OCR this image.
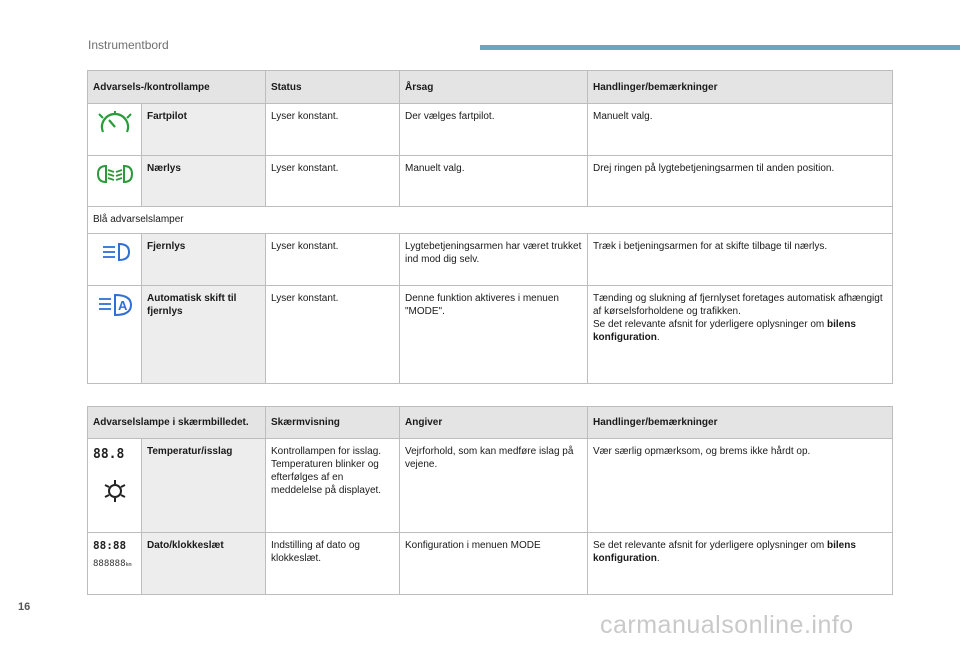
Instrumentbord
Advarsels-/kontrollampe		Status	Årsag	Handlinger/bemærkninger

	Fartpilot	Lyser konstant.	Der vælges fartpilot.	Manuelt valg.

	Nærlys	Lyser konstant.	Manuelt valg.	Drej ringen på lygtebetjeningsarmen til anden position.
Blå advarselslamper				

	Fjernlys	Lyser konstant.	Lygtebetjeningsarmen har været trukket ind mod dig selv.	Træk i betjeningsarmen for at skifte tilbage til nærlys.

A	Automatisk skift til fjernlys	Lyser konstant.	Denne funktion aktiveres i menuen "MODE".	Tænding og slukning af fjernlyset foretages automatisk afhængigt af kørselsforholdene og trafikken.
Se det relevante afsnit for yderligere oplysninger om bilens konfiguration.
Advarselslampe i skærmbilledet.		Skærmvisning	Angiver	Handlinger/bemærkninger

88.8	Temperatur/isslag	Kontrollampen for isslag. Temperaturen blinker og efterfølges af en meddelelse på displayet.	Vejrforhold, som kan medføre islag på vejene.	Vær særlig opmærksom, og brems ikke hårdt op.

88:88
888888km	Dato/klokkeslæt	Indstilling af dato og klokkeslæt.	Konfiguration i menuen MODE	Se det relevante afsnit for yderligere oplysninger om bilens konfiguration.
16
carmanualsonline.info
